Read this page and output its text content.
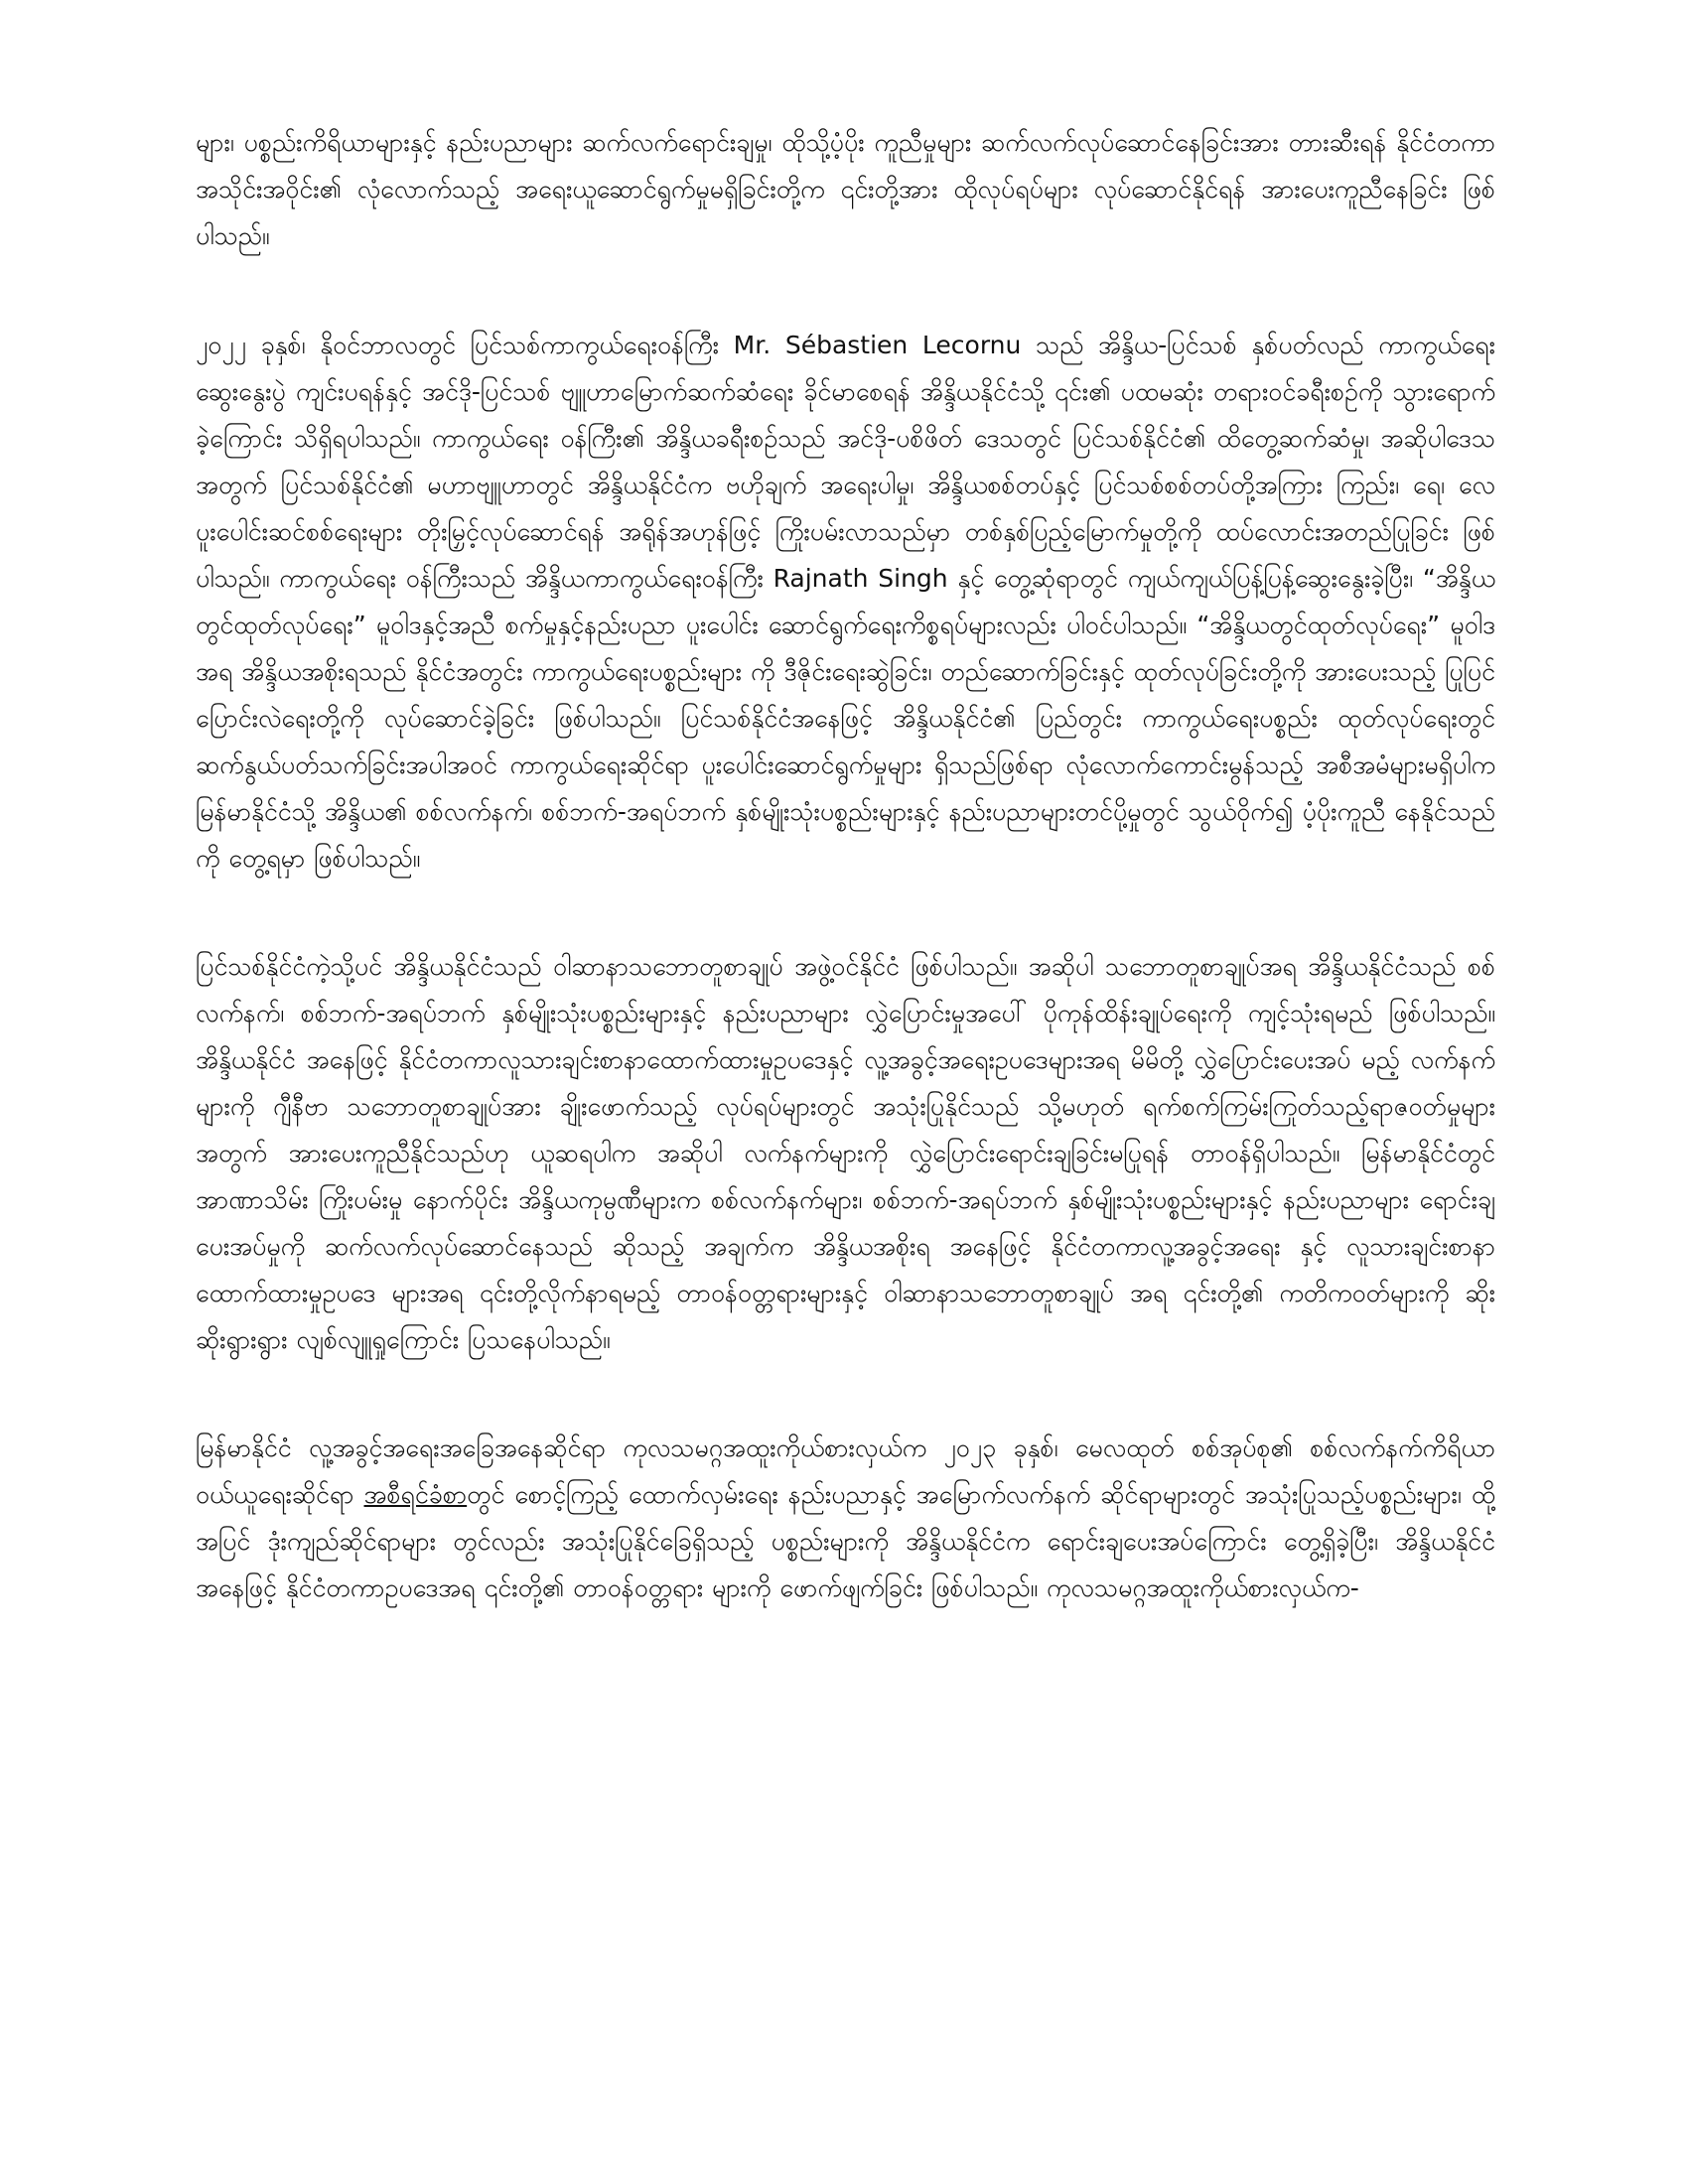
များ၊ ပစ္စည်းကိရိယာများနှင့် နည်းပညာများ ဆက်လက်ရောင်းချမှု၊ ထိုသို့ပံ့ပိုး ကူညီမှုများ ဆက်လက်လုပ်ဆောင်နေခြင်းအား တားဆီးရန် နိုင်ငံတကာအသိုင်းအဝိုင်း၏ လုံလောက်သည့် အရေးယူဆောင်ရွက်မှုမရှိခြင်းတို့က ၎င်းတို့အား ထိုလုပ်ရပ်များ လုပ်ဆောင်နိုင်ရန် အားပေးကူညီနေခြင်း ဖြစ်ပါသည်။

၂၀၂၂ ခုနှစ်၊ နိုဝင်ဘာလတွင် ပြင်သစ်ကာကွယ်ရေးဝန်ကြီး Mr. Sébastien Lecornu သည် အိန္ဒိယ-ပြင်သစ် နှစ်ပတ်လည် ကာကွယ်ရေးဆွေးနွေးပွဲ ကျင်းပရန်နှင့် အင်ဒို-ပြင်သစ် ဗျူဟာမြောက်ဆက်ဆံရေး ခိုင်မာစေရန် အိန္ဒိယနိုင်ငံသို့ ၎င်း၏ ပထမဆုံး တရားဝင်ခရီးစဉ်ကို သွားရောက်ခဲ့ကြောင်း သိရှိရပါသည်။ ကာကွယ်ရေး ဝန်ကြီး၏ အိန္ဒိယခရီးစဉ်သည် အင်ဒို-ပစိဖိတ် ဒေသတွင် ပြင်သစ်နိုင်ငံ၏ ထိတွေ့ဆက်ဆံမှု၊ အဆိုပါဒေသ အတွက် ပြင်သစ်နိုင်ငံ၏ မဟာဗျူဟာတွင် အိန္ဒိယနိုင်ငံက ဗဟိုချက် အရေးပါမှု၊ အိန္ဒိယစစ်တပ်နှင့် ပြင်သစ်စစ်တပ်တို့အကြား ကြည်း၊ ရေ၊ လေ ပူးပေါင်းဆင်စစ်ရေးများ တိုးမြှင့်လုပ်ဆောင်ရန် အရိုန်အဟုန်ဖြင့် ကြိုးပမ်းလာသည်မှာ တစ်နှစ်ပြည့်မြောက်မှုတို့ကို ထပ်လောင်းအတည်ပြုခြင်း ဖြစ်ပါသည်။ ကာကွယ်ရေး ဝန်ကြီးသည် အိန္ဒိယကာကွယ်ရေးဝန်ကြီး Rajnath Singh နှင့် တွေ့ဆုံရာတွင် ကျယ်ကျယ်ပြန့်ပြန့်ဆွေးနွေးခဲ့ပြီး၊ “အိန္ဒိယတွင်ထုတ်လုပ်ရေး” မူဝါဒနှင့်အညီ စက်မှုနှင့်နည်းပညာ ပူးပေါင်း ဆောင်ရွက်ရေးကိစ္စရပ်များလည်း ပါဝင်ပါသည်။ “အိန္ဒိယတွင်ထုတ်လုပ်ရေး” မူဝါဒအရ အိန္ဒိယအစိုးရသည် နိုင်ငံအတွင်း ကာကွယ်ရေးပစ္စည်းများ ကို ဒီဇိုင်းရေးဆွဲခြင်း၊ တည်ဆောက်ခြင်းနှင့် ထုတ်လုပ်ခြင်းတို့ကို အားပေးသည့် ပြုပြင်ပြောင်းလဲရေးတို့ကို လုပ်ဆောင်ခဲ့ခြင်း ဖြစ်ပါသည်။ ပြင်သစ်နိုင်ငံအနေဖြင့် အိန္ဒိယနိုင်ငံ၏ ပြည်တွင်း ကာကွယ်ရေးပစ္စည်း ထုတ်လုပ်ရေးတွင် ဆက်နွယ်ပတ်သက်ခြင်းအပါအဝင် ကာကွယ်ရေးဆိုင်ရာ ပူးပေါင်းဆောင်ရွက်မှုများ ရှိသည်ဖြစ်ရာ လုံလောက်ကောင်းမွန်သည့် အစီအမံများမရှိပါက မြန်မာနိုင်ငံသို့ အိန္ဒိယ၏ စစ်လက်နက်၊ စစ်ဘက်-အရပ်ဘက် နှစ်မျိုးသုံးပစ္စည်းများနှင့် နည်းပညာများတင်ပို့မှုတွင် သွယ်ဝိုက်၍ ပံ့ပိုးကူညီ နေနိုင်သည်ကို တွေ့ရမှာ ဖြစ်ပါသည်။

ပြင်သစ်နိုင်ငံကဲ့သို့ပင် အိန္ဒိယနိုင်ငံသည် ဝါဆာနာသဘောတူစာချုပ် အဖွဲ့ဝင်နိုင်ငံ ဖြစ်ပါသည်။ အဆိုပါ သဘောတူစာချုပ်အရ အိန္ဒိယနိုင်ငံသည် စစ်လက်နက်၊ စစ်ဘက်-အရပ်ဘက် နှစ်မျိုးသုံးပစ္စည်းများနှင့် နည်းပညာများ လွှဲပြောင်းမှုအပေါ် ပိုကုန်ထိန်းချုပ်ရေးကို ကျင့်သုံးရမည် ဖြစ်ပါသည်။ အိန္ဒိယနိုင်ငံ အနေဖြင့် နိုင်ငံတကာလူသားချင်းစာနာထောက်ထားမှုဥပဒေနှင့် လူ့အခွင့်အရေးဥပဒေများအရ မိမိတို့ လွှဲပြောင်းပေးအပ် မည့် လက်နက်များကို ဂျီနီဗာ သဘောတူစာချုပ်အား ချိုးဖောက်သည့် လုပ်ရပ်များတွင် အသုံးပြုနိုင်သည် သို့မဟုတ် ရက်စက်ကြမ်းကြုတ်သည့်ရာဇဝတ်မှုများ အတွက် အားပေးကူညီနိုင်သည်ဟု ယူဆရပါက အဆိုပါ လက်နက်များကို လွှဲပြောင်းရောင်းချခြင်းမပြုရန် တာဝန်ရှိပါသည်။ မြန်မာနိုင်ငံတွင် အာဏာသိမ်း ကြိုးပမ်းမှု နောက်ပိုင်း အိန္ဒိယကုမ္ပဏီများက စစ်လက်နက်များ၊ စစ်ဘက်-အရပ်ဘက် နှစ်မျိုးသုံးပစ္စည်းများနှင့် နည်းပညာများ ရောင်းချပေးအပ်မှုကို ဆက်လက်လုပ်ဆောင်နေသည် ဆိုသည့် အချက်က အိန္ဒိယအစိုးရ အနေဖြင့် နိုင်ငံတကာလူ့အခွင့်အရေး နှင့် လူသားချင်းစာနာထောက်ထားမှုဥပဒေ များအရ ၎င်းတို့လိုက်နာရမည့် တာဝန်ဝတ္တရားများနှင့် ဝါဆာနာသဘောတူစာချုပ် အရ ၎င်းတို့၏ ကတိကဝတ်များကို ဆိုးဆိုးရွားရွား လျစ်လျူရှုကြောင်း ပြသနေပါသည်။

မြန်မာနိုင်ငံ လူ့အခွင့်အရေးအခြေအနေဆိုင်ရာ ကုလသမဂ္ဂအထူးကိုယ်စားလှယ်က ၂၀၂၃ ခုနှစ်၊ မေလထုတ် စစ်အုပ်စု၏ စစ်လက်နက်ကိရိယာဝယ်ယူရေးဆိုင်ရာ အစီရင်ခံစာတွင် စောင့်ကြည့် ထောက်လှမ်းရေး နည်းပညာနှင့် အမြောက်လက်နက် ဆိုင်ရာများတွင် အသုံးပြုသည့်ပစ္စည်းများ၊ ထို့အပြင် ဒုံးကျည်ဆိုင်ရာများ တွင်လည်း အသုံးပြုနိုင်ခြေရှိသည့် ပစ္စည်းများကို အိန္ဒိယနိုင်ငံက ရောင်းချပေးအပ်ကြောင်း တွေ့ရှိခဲ့ပြီး၊ အိန္ဒိယနိုင်ငံအနေဖြင့် နိုင်ငံတကာဥပဒေအရ ၎င်းတို့၏ တာဝန်ဝတ္တရား များကို ဖောက်ဖျက်ခြင်း ဖြစ်ပါသည်။ ကုလသမဂ္ဂအထူးကိုယ်စားလှယ်က-
